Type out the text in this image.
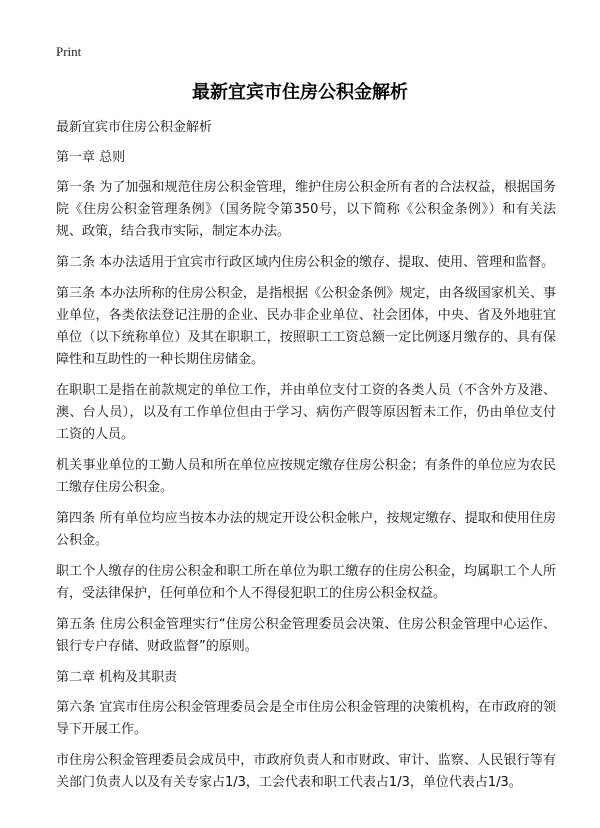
Print
最新宜宾市住房公积金解析

最新宜宾市住房公积金解析

第一章 总则

第一条 为了加强和规范住房公积金管理，维护住房公积金所有者的合法权益，根据国务院《住房公积金管理条例》（国务院令第350号，以下简称《公积金条例》）和有关法规、政策，结合我市实际，制定本办法。

第二条 本办法适用于宜宾市行政区域内住房公积金的缴存、提取、使用、管理和监督。

第三条 本办法所称的住房公积金，是指根据《公积金条例》规定，由各级国家机关、事业单位，各类依法登记注册的企业、民办非企业单位、社会团体，中央、省及外地驻宜单位（以下统称单位）及其在职职工，按照职工工资总额一定比例逐月缴存的、具有保障性和互助性的一种长期住房储金。

在职职工是指在前款规定的单位工作，并由单位支付工资的各类人员（不含外方及港、澳、台人员），以及有工作单位但由于学习、病伤产假等原因暂未工作，仍由单位支付工资的人员。

机关事业单位的工勤人员和所在单位应按规定缴存住房公积金；有条件的单位应为农民工缴存住房公积金。

第四条 所有单位均应当按本办法的规定开设公积金帐户，按规定缴存、提取和使用住房公积金。

职工个人缴存的住房公积金和职工所在单位为职工缴存的住房公积金，均属职工个人所有，受法律保护，任何单位和个人不得侵犯职工的住房公积金权益。

第五条 住房公积金管理实行“住房公积金管理委员会决策、住房公积金管理中心运作、银行专户存储、财政监督”的原则。

第二章 机构及其职责

第六条 宜宾市住房公积金管理委员会是全市住房公积金管理的决策机构，在市政府的领导下开展工作。

市住房公积金管理委员会成员中，市政府负责人和市财政、审计、监察、人民银行等有关部门负责人以及有关专家占1/3，工会代表和职工代表占1/3，单位代表占1/3。
